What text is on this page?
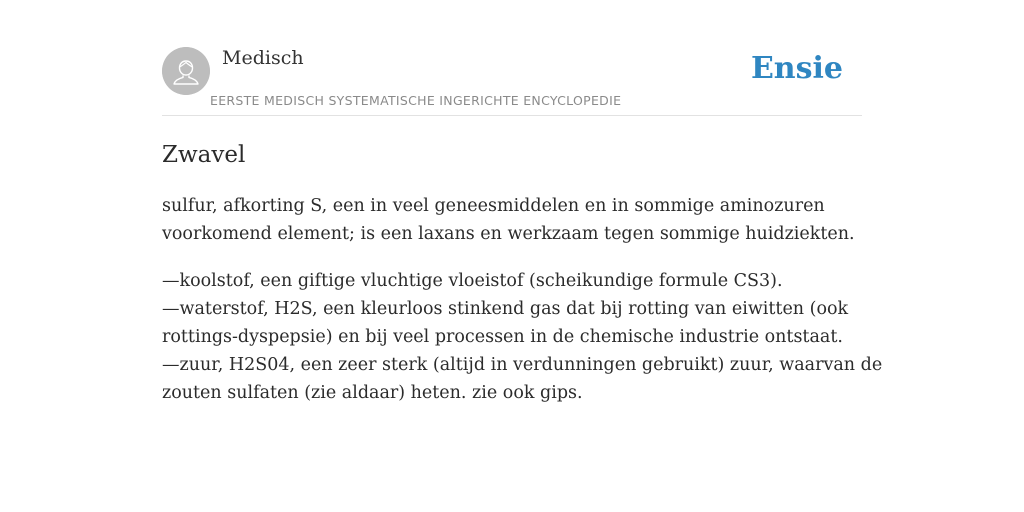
Medisch
EERSTE MEDISCH SYSTEMATISCHE INGERICHTE ENCYCLOPEDIE
Ensie
Zwavel

sulfur, afkorting S, een in veel geneesmiddelen en in sommige aminozuren
voorkomend element; is een laxans en werkzaam tegen sommige huidziekten.

—koolstof, een giftige vluchtige vloeistof (scheikundige formule CS3).
—waterstof, H2S, een kleurloos stinkend gas dat bij rotting van eiwitten (ook
rottings-dyspepsie) en bij veel processen in de chemische industrie ontstaat.
—zuur, H2S04, een zeer sterk (altijd in verdunningen gebruikt) zuur, waarvan de
zouten sulfaten (zie aldaar) heten. zie ook gips.
